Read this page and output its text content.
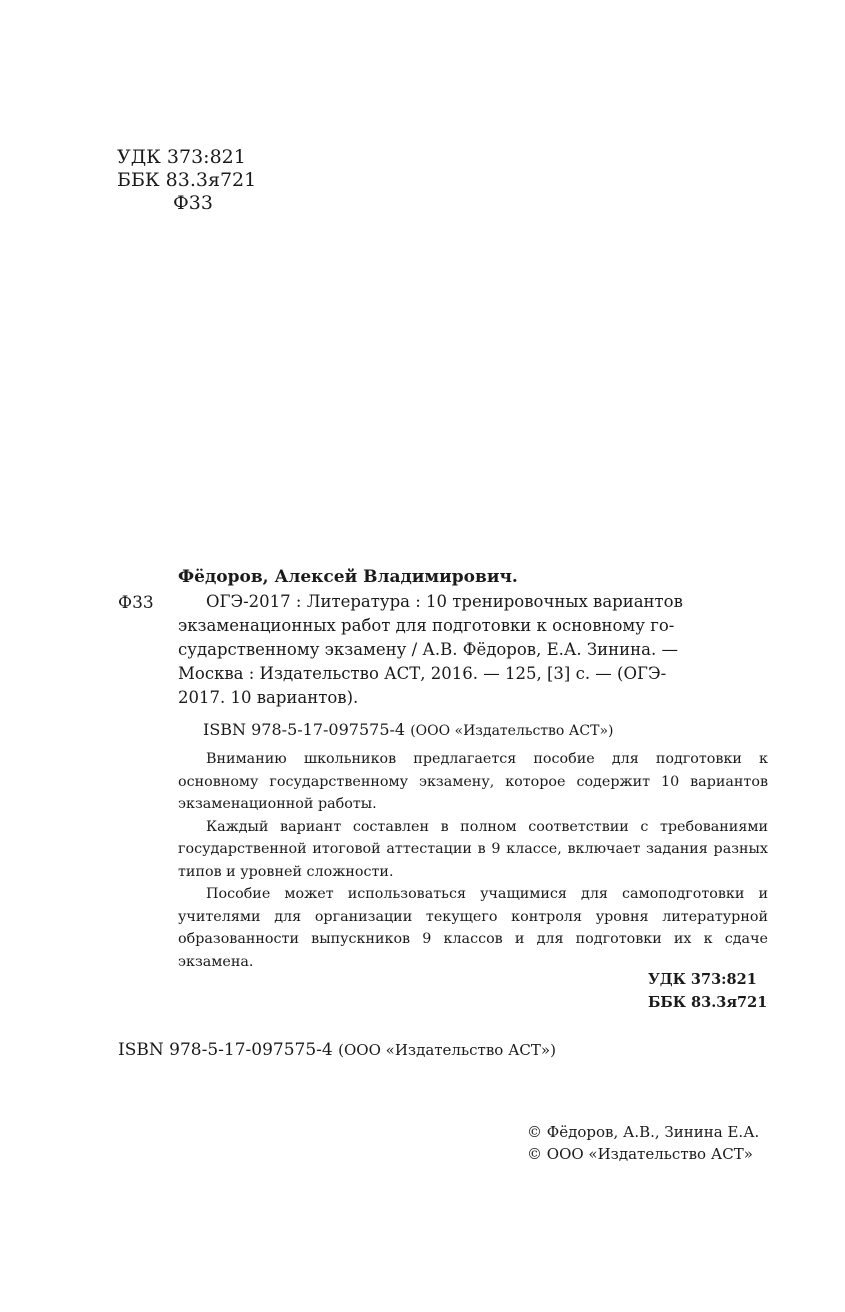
УДК 373:821
ББК 83.3я721
Ф33
Фёдоров, Алексей Владимирович.
Ф33	ОГЭ-2017 : Литература : 10 тренировочных вариантов

экзаменационных работ для подготовки к основному го-

сударственному экзамену / А.В. Фёдоров, Е.А. Зинина. —

Москва : Издательство АСТ, 2016. — 125, [3] с. — (ОГЭ-

2017. 10 вариантов).

ISBN 978-5-17-097575-4 (ООО «Издательство АСТ»)

Вниманию школьников предлагается пособие для подготовки к основному государственному экзамену, которое содержит 10 вариантов экзаменационной работы.

Каждый вариант составлен в полном соответствии с требованиями государственной итоговой аттестации в 9 классе, включает задания разных типов и уровней сложности.

Пособие может использоваться учащимися для самоподготовки и учителями для организации текущего контроля уровня литературной образованности выпускников 9 классов и для подготовки их к сдаче экзамена.

УДК 373:821
ББК 83.3я721
ISBN 978-5-17-097575-4 (ООО «Издательство АСТ»)
© Фёдоров, А.В., Зинина Е.А.
© ООО «Издательство АСТ»
